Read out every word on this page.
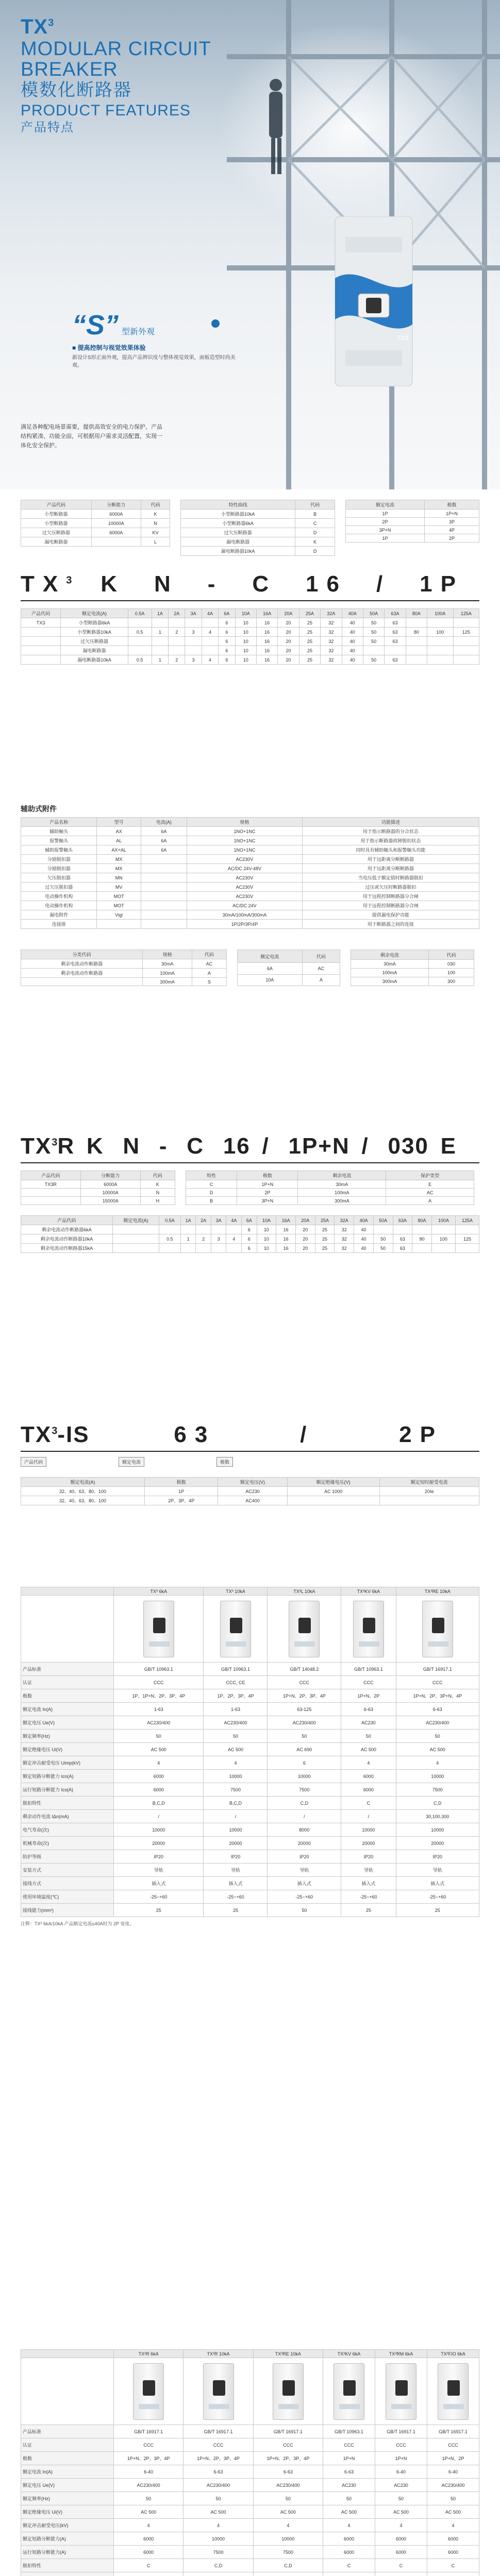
$TX^3$
MODULAR CIRCUIT BREAKER
模数化断路器
PRODUCT FEATURES
产品特点
TX3
“S” 型新外观
■ 提高控制与视觉效果体验
新设计S形正面外观，提高产品辨识度与整体视觉效果，面板造型时尚美观。
满足各种配电场景需要，提供高效安全的电力保护，产品结构紧凑、功能全面，可根据用户需求灵活配置，实现一体化安全保护。
产品代码	分断能力	代码
小型断路器	6000A	K
小型断路器	10000A	N
过欠压断路器	6000A	KV
漏电断路器		L
特性曲线	代码
小型断路器10kA	B
小型断路器6kA	C
过欠压断路器	D
漏电断路器	K
漏电断路器10kA	D
额定电流	极数
1P	1P+N
2P	3P
3P+N	4P
1P	2P
$TX^3$ K N - C 16 / 1P
产品代码	额定电流(A)	0.5A	1A	2A	3A	4A	6A	10A	16A	20A	25A	32A	40A	50A	63A	80A	100A	125A
TX3	小型断路器6kA						6	10	16	20	25	32	40	50	63			
	小型断路器10kA	0.5	1	2	3	4	6	10	16	20	25	32	40	50	63	80	100	125
	过欠压断路器						6	10	16	20	25	32	40	50	63			
	漏电断路器						6	10	16	20	25	32	40					
	漏电断路器10kA	0.5	1	2	3	4	6	10	16	20	25	32	40	50	63			
辅助式附件
产品名称	型号	电流(A)	规格	功能描述
辅助触头	AX	6A	1NO+1NC	用于指示断路器的分合状态
报警触头	AL	6A	1NO+1NC	用于指示断路器故障脱扣状态
辅助报警触头	AX+AL	6A	1NO+1NC	同时具有辅助触头和报警触头功能
分励脱扣器	MX		AC230V	用于远距离分断断路器
分励脱扣器	MX		AC/DC 24V-48V	用于远距离分断断路器
欠压脱扣器	MN		AC230V	当电压低于额定值时断路器脱扣
过欠压脱扣器	MV		AC230V	过压或欠压时断路器脱扣
电动操作机构	MOT		AC230V	用于远程控制断路器分合闸
电动操作机构	MOT		AC/DC 24V	用于远程控制断路器分合闸
漏电附件	Vigi		30mA/100mA/300mA	提供漏电保护功能
连接排			1P/2P/3P/4P	用于断路器之间的连接
分类代码	规格	代码
剩余电流动作断路器	30mA	AC
剩余电流动作断路器	100mA	A
	300mA	S
额定电流	代码
6A	AC
10A	A
剩余电流	代码
30mA	030
100mA	100
300mA	300
$TX^3R$ K N - C 16 / 1P+N / 030 E
产品代码	分断能力	代码
TX3R	6000A	K
	10000A	N
	15000A	H
特性	极数	剩余电流	保护类型
C	1P+N	30mA	E
D	2P	100mA	AC
B	3P+N	300mA	A
产品代码	额定电流(A)	0.5A	1A	2A	3A	4A	6A	10A	16A	20A	25A	32A	40A	50A	63A	80A	100A	125A
剩余电流动作断路器6kA							6	10	16	20	25	32	40					
剩余电流动作断路器10kA		0.5	1	2	3	4	6	10	16	20	25	32	40	50	63	80	100	125
剩余电流动作断路器15kA							6	10	16	20	25	32	40	50	63			
$TX^3-IS$	63	/	2P
产品代码	额定电流	极数
额定电流(A)	极数	额定电压(V)	额定绝缘电压(V)	额定短时耐受电流
32、40、63、80、100	1P	AC230	AC 1000	20Ie
32、40、63、80、100	2P、3P、4P	AC400		
	TX³ 6kA	TX³ 10kA	TX³L 10kA	TX³KV 6kA	TX³RE 10kA

产品标准	GB/T 10963.1	GB/T 10963.1	GB/T 14048.2	GB/T 10963.1	GB/T 16917.1
认证	CCC	CCC, CE	CCC	CCC	CCC
极数	1P、1P+N、2P、3P、4P	1P、2P、3P、4P	1P+N、2P、3P、4P	1P+N、2P	1P+N、2P、3P+N、4P
额定电流 In(A)	1-63	1-63	63-125	6-63	6-63
额定电压 Ue(V)	AC230/400	AC230/400	AC230/400	AC230	AC230/400
额定频率(Hz)	50	50	50	50	50
额定绝缘电压 Ui(V)	AC 500	AC 500	AC 690	AC 500	AC 500
额定冲击耐受电压 Uimp(kV)	4	4	6	4	4
额定短路分断能力 Icn(A)	6000	10000	10000	6000	10000
运行短路分断能力 Ics(A)	6000	7500	7500	6000	7500
脱扣特性	B,C,D	B,C,D	C,D	C	C,D
剩余动作电流 IΔn(mA)	/	/	/	/	30,100,300
电气寿命(次)	10000	10000	8000	10000	10000
机械寿命(次)	20000	20000	20000	20000	20000
防护等级	IP20	IP20	IP20	IP20	IP20
安装方式	导轨	导轨	导轨	导轨	导轨
接线方式	插入式	插入式	插入式	插入式	插入式
使用环境温度(℃)	-25~+60	-25~+60	-25~+60	-25~+60	-25~+60
接线能力(mm²)	25	25	50	25	25
注释：TX³ 6kA/10kA 产品额定电流≤40A时为 2P 宽度。
	TX³R 6kA	TX³R 10kA	TX³RE 10kA	TX³KV 6kA	TX³RM 6kA	TX³FIO 6kA

产品标准	GB/T 16917.1	GB/T 16917.1	GB/T 16917.1	GB/T 10963.1	GB/T 16917.1	GB/T 16917.1
认证	CCC	CCC	CCC	CCC	CCC	CCC
极数	1P+N、2P、3P、4P	1P+N、2P、3P、4P	1P+N、2P、3P、4P	1P+N	1P+N	1P+N、2P
额定电流 In(A)	6-40	6-63	6-63	6-63	6-40	6-40
额定电压 Ue(V)	AC230/400	AC230/400	AC230/400	AC230	AC230	AC230/400
额定频率(Hz)	50	50	50	50	50	50
额定绝缘电压 Ui(V)	AC 500	AC 500	AC 500	AC 500	AC 500	AC 500
额定冲击耐受电压(kV)	4	4	4	4	4	4
额定短路分断能力(A)	6000	10000	10000	6000	6000	6000
运行短路分断能力(A)	6000	7500	7500	6000	6000	6000
脱扣特性	C	C,D	C,D	C	C	C
